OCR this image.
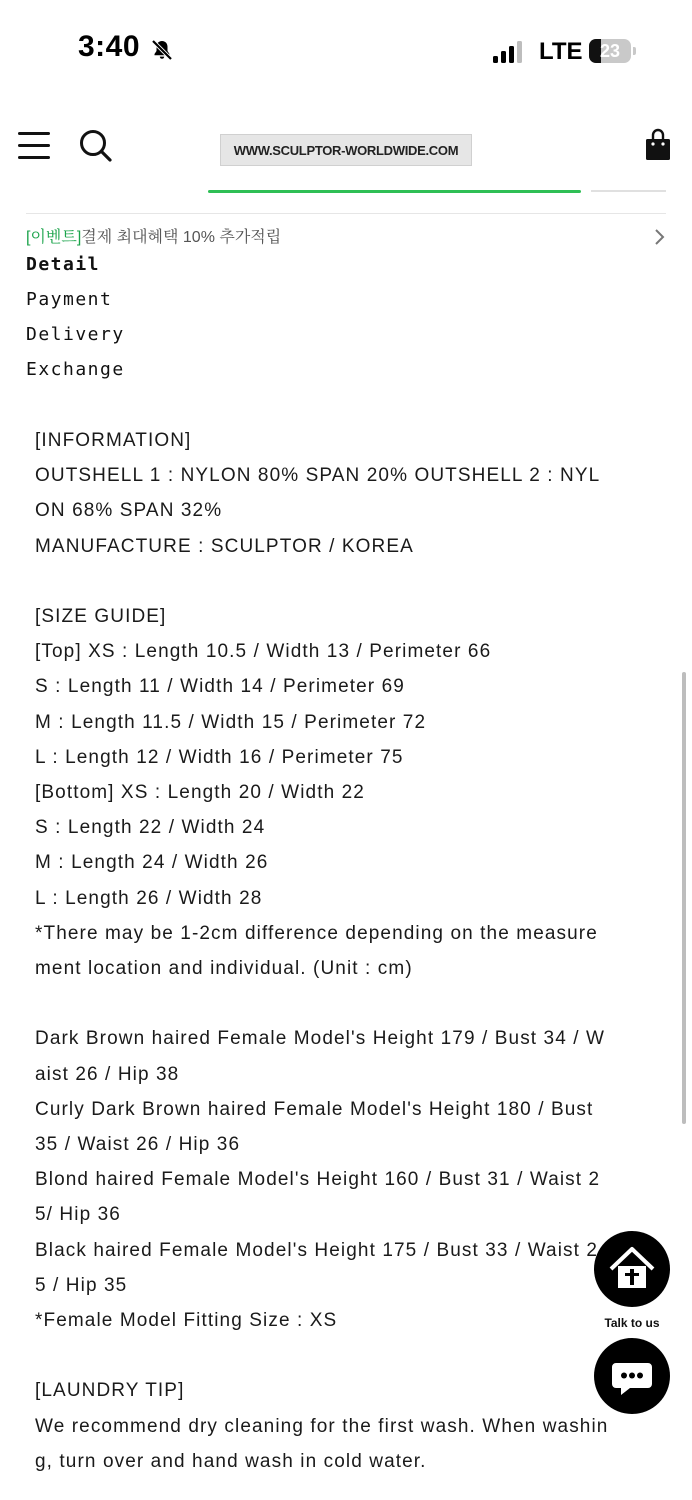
3:40	LTE 23
WWW.SCULPTOR-WORLDWIDE.COM
[이벤트]결제 최대혜택 10% 추가적립
Detail
Payment
Delivery
Exchange

[INFORMATION]

OUTSHELL 1 : NYLON 80% SPAN 20% OUTSHELL 2 : NYL

ON 68% SPAN 32%

MANUFACTURE : SCULPTOR / KOREA

[SIZE GUIDE]

[Top] XS : Length 10.5 / Width 13 / Perimeter 66

S : Length 11 / Width 14 / Perimeter 69

M : Length 11.5 / Width 15 / Perimeter 72

L : Length 12 / Width 16 / Perimeter 75

[Bottom] XS : Length 20 / Width 22

S : Length 22 / Width 24

M : Length 24 / Width 26

L : Length 26 / Width 28

*There may be 1-2cm difference depending on the measure

ment location and individual. (Unit : cm)

Dark Brown haired Female Model's Height 179 / Bust 34 / W

aist 26 / Hip 38

Curly Dark Brown haired Female Model's Height 180 / Bust

35 / Waist 26 / Hip 36

Blond haired Female Model's Height 160 / Bust 31 / Waist 2

5/ Hip 36

Black haired Female Model's Height 175 / Bust 33 / Waist 2

5 / Hip 35

*Female Model Fitting Size : XS

[LAUNDRY TIP]

We recommend dry cleaning for the first wash. When washin

g, turn over and hand wash in cold water.

Talk to us
